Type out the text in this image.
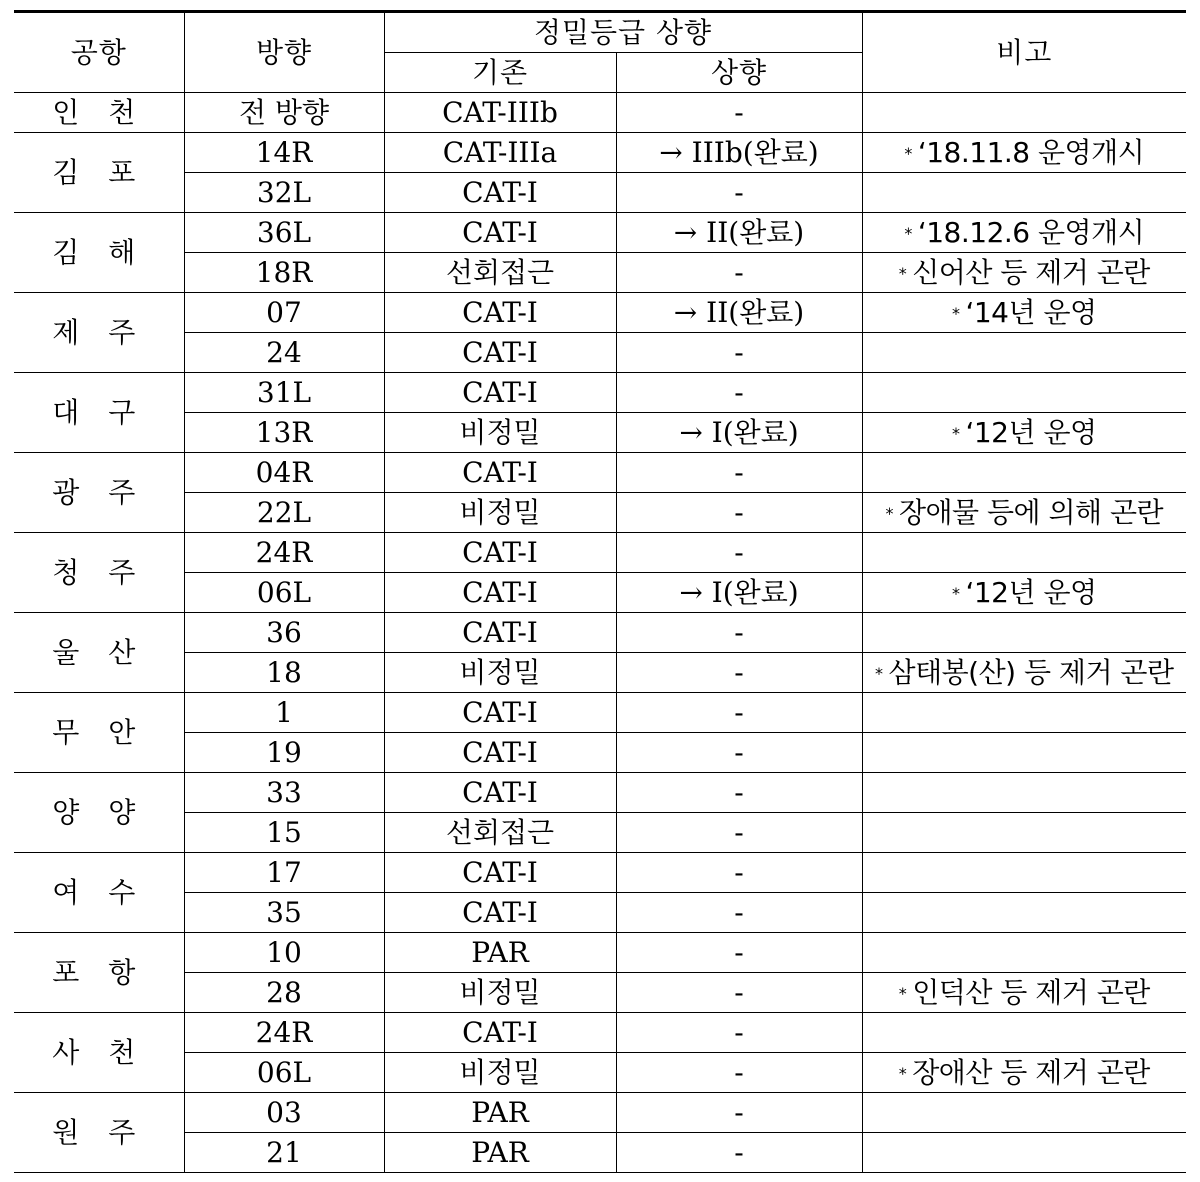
공항	방향	정밀등급 상향		비고
		기존	상향	
인 천	전 방향	CAT-IIIb	-	
김 포	14R	CAT-IIIa	→ IIIb(완료)	* ‘18.11.8 운영개시
	32L	CAT-I	-	
김 해	36L	CAT-I	→ II(완료)	* ‘18.12.6 운영개시
	18R	선회접근	-	* 신어산 등 제거 곤란
제 주	07	CAT-I	→ II(완료)	* ‘14년 운영
	24	CAT-I	-	
대 구	31L	CAT-I	-	
	13R	비정밀	→ I(완료)	* ‘12년 운영
광 주	04R	CAT-I	-	
	22L	비정밀	-	* 장애물 등에 의해 곤란
청 주	24R	CAT-I	-	
	06L	CAT-I	→ I(완료)	* ‘12년 운영
울 산	36	CAT-I	-	
	18	비정밀	-	* 삼태봉(산) 등 제거 곤란
무 안	1	CAT-I	-	
	19	CAT-I	-	
양 양	33	CAT-I	-	
	15	선회접근	-	
여 수	17	CAT-I	-	
	35	CAT-I	-	
포 항	10	PAR	-	
	28	비정밀	-	* 인덕산 등 제거 곤란
사 천	24R	CAT-I	-	
	06L	비정밀	-	* 장애산 등 제거 곤란
원 주	03	PAR	-	
	21	PAR	-	
